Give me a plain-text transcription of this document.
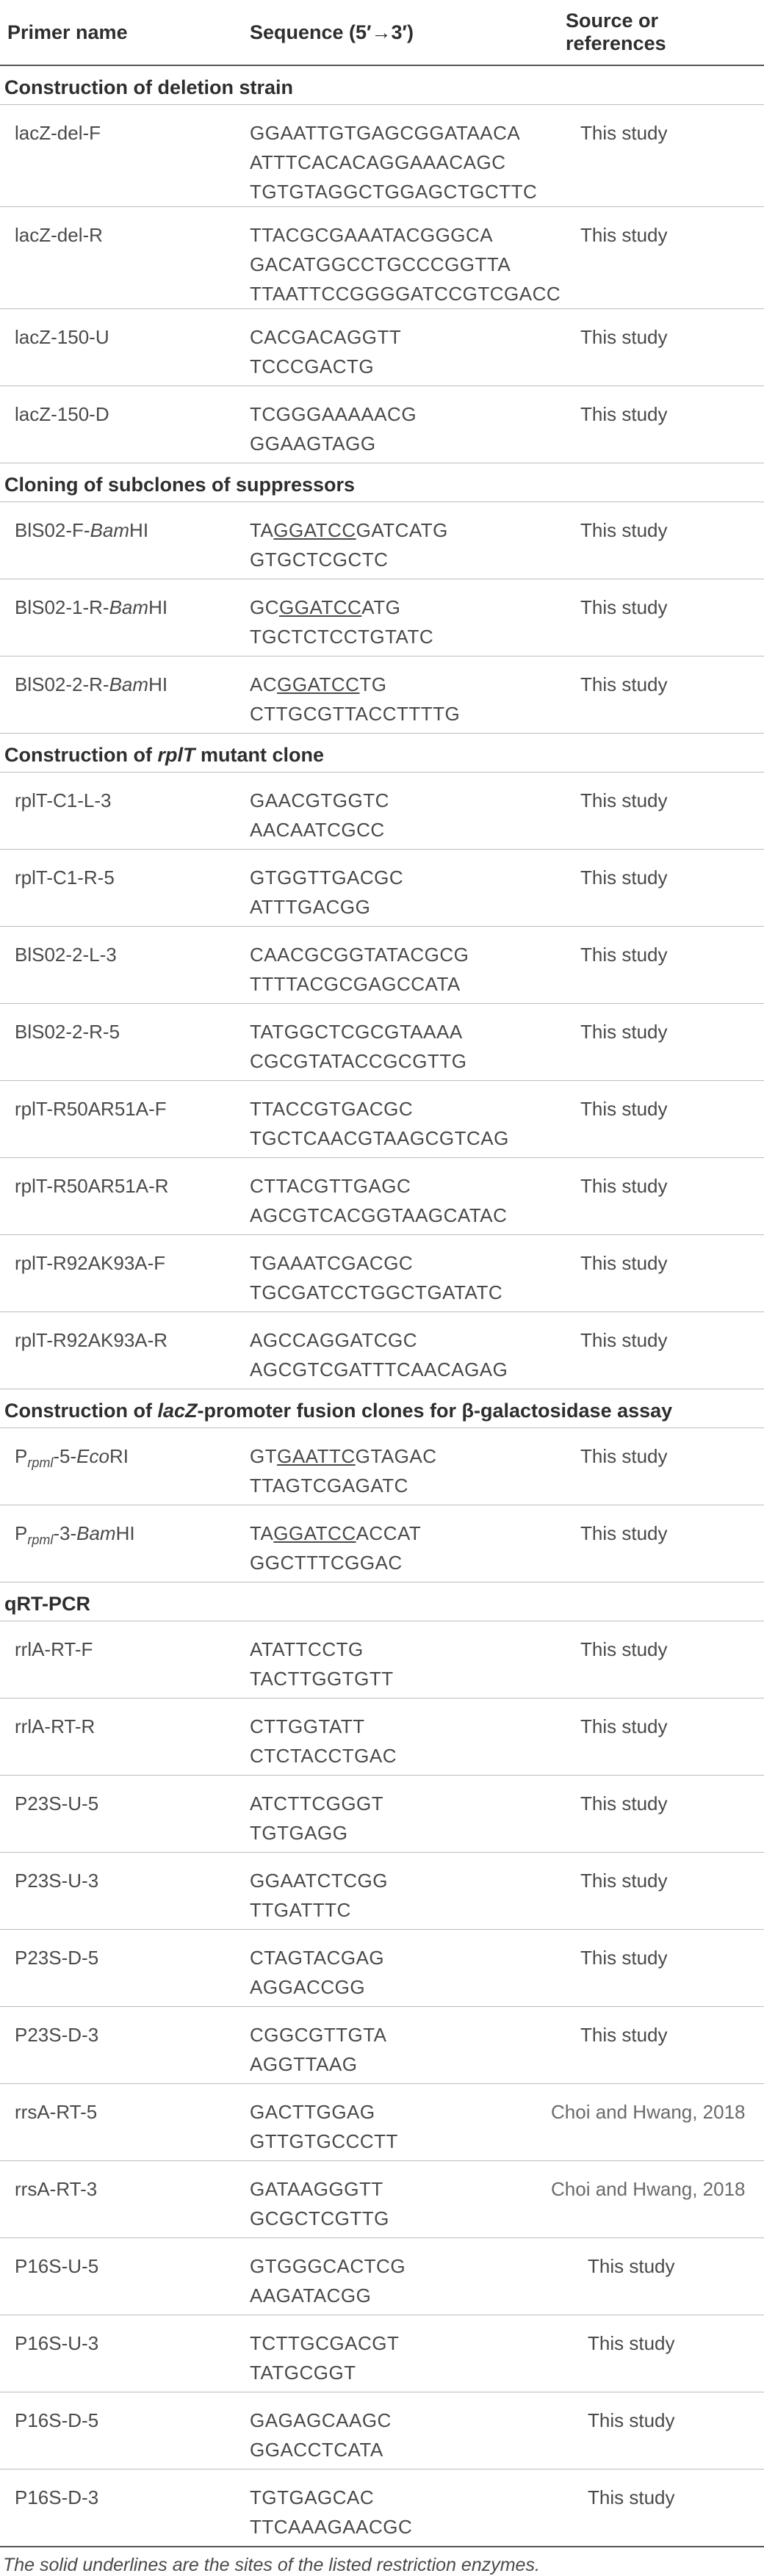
Primer name	Sequence (5′→3′)	Source or references
Construction of deletion strain		
lacZ-del-F	GGAATTGTGAGCGGATAACA
ATTTCACACAGGAAACAGC
TGTGTAGGCTGGAGCTGCTTC	This study
lacZ-del-R	TTACGCGAAATACGGGCA
GACATGGCCTGCCCGGTTA
TTAATTCCGGGGATCCGTCGACC	This study
lacZ-150-U	CACGACAGGTT
TCCCGACTG	This study
lacZ-150-D	TCGGGAAAAACG
GGAAGTAGG	This study
Cloning of subclones of suppressors		
BlS02-F-BamHI	TAGGATCCGATCATG
GTGCTCGCTC	This study
BlS02-1-R-BamHI	GCGGATCCATG
TGCTCTCCTGTATC	This study
BlS02-2-R-BamHI	ACGGATCCTG
CTTGCGTTACCTTTTG	This study
Construction of rplT mutant clone		
rplT-C1-L-3	GAACGTGGTC
AACAATCGCC	This study
rplT-C1-R-5	GTGGTTGACGC
ATTTGACGG	This study
BlS02-2-L-3	CAACGCGGTATACGCG
TTTTACGCGAGCCATA	This study
BlS02-2-R-5	TATGGCTCGCGTAAAA
CGCGTATACCGCGTTG	This study
rplT-R50AR51A-F	TTACCGTGACGC
TGCTCAACGTAAGCGTCAG	This study
rplT-R50AR51A-R	CTTACGTTGAGC
AGCGTCACGGTAAGCATAC	This study
rplT-R92AK93A-F	TGAAATCGACGC
TGCGATCCTGGCTGATATC	This study
rplT-R92AK93A-R	AGCCAGGATCGC
AGCGTCGATTTCAACAGAG	This study
Construction of lacZ-promoter fusion clones for β-galactosidase assay		
$P_{rpml}-5$-EcoRI	GTGAATTCGTAGAC
TTAGTCGAGATC	This study
$P_{rpml}-3$-BamHI	TAGGATCCACCAT
GGCTTTCGGAC	This study
qRT-PCR		
rrlA-RT-F	ATATTCCTG
TACTTGGTGTT	This study
rrlA-RT-R	CTTGGTATT
CTCTACCTGAC	This study
P23S-U-5	ATCTTCGGGT
TGTGAGG	This study
P23S-U-3	GGAATCTCGG
TTGATTTC	This study
P23S-D-5	CTAGTACGAG
AGGACCGG	This study
P23S-D-3	CGGCGTTGTA
AGGTTAAG	This study
rrsA-RT-5	GACTTGGAG
GTTGTGCCCTT	Choi and Hwang, 2018
rrsA-RT-3	GATAAGGGTT
GCGCTCGTTG	Choi and Hwang, 2018
P16S-U-5	GTGGGCACTCG
AAGATACGG	This study
P16S-U-3	TCTTGCGACGT
TATGCGGT	This study
P16S-D-5	GAGAGCAAGC
GGACCTCATA	This study
P16S-D-3	TGTGAGCAC
TTCAAAGAACGC	This study
The solid underlines are the sites of the listed restriction enzymes.
